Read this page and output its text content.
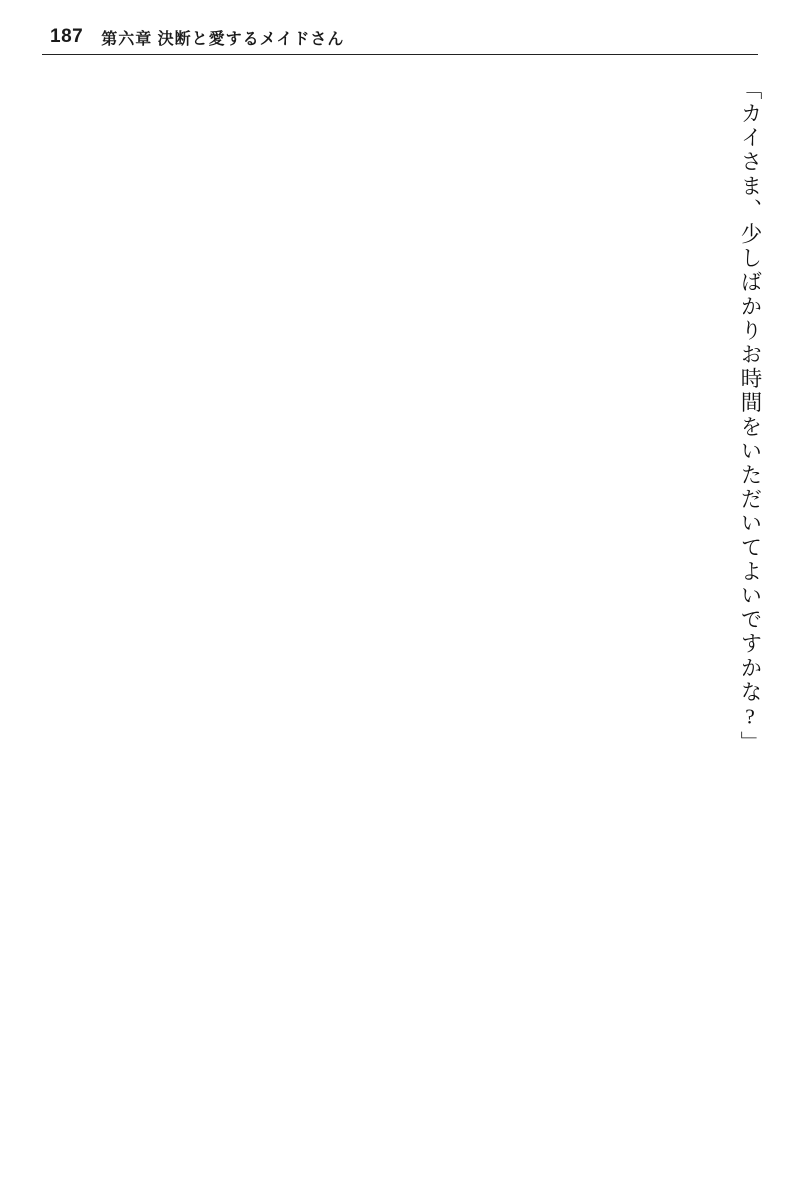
187 第六章 決断と愛するメイドさん
「カイさま、少しばかりお時間をいただいてよいですかな?」
